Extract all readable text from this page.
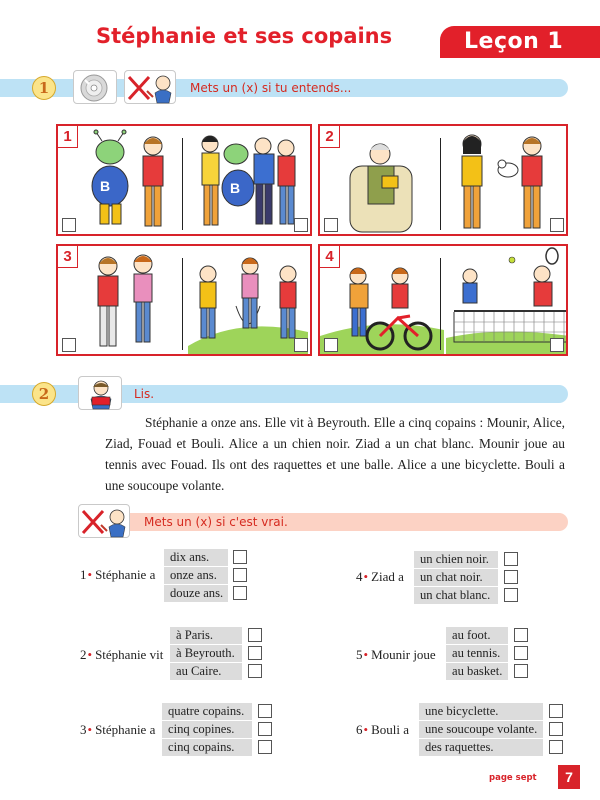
Stéphanie et ses copains	Leçon 1
1	Mets un (x) si tu entends...
1
B	B
2
3	4
2	Lis.
Stéphanie a onze ans. Elle vit à Beyrouth. Elle a cinq copains : Mounir, Alice, Ziad, Fouad et Bouli. Alice a un chien noir. Ziad a un chat blanc. Mounir joue au tennis avec Fouad. Ils ont des raquettes et une balle. Alice a une bicyclette. Bouli a une soucoupe volante.
Mets un (x) si c'est vrai.
1• Stéphanie a
dix ans.
onze ans.
douze ans.
2• Stéphanie vit
à Paris.
à Beyrouth.
au Caire.
3• Stéphanie a
quatre copains.
cinq copines.
cinq copains.
4• Ziad a
un chien noir.
un chat noir.
un chat blanc.
5• Mounir joue
au foot.
au tennis.
au basket.
6• Bouli a
une bicyclette.
une soucoupe volante.
des raquettes.
page sept	7
